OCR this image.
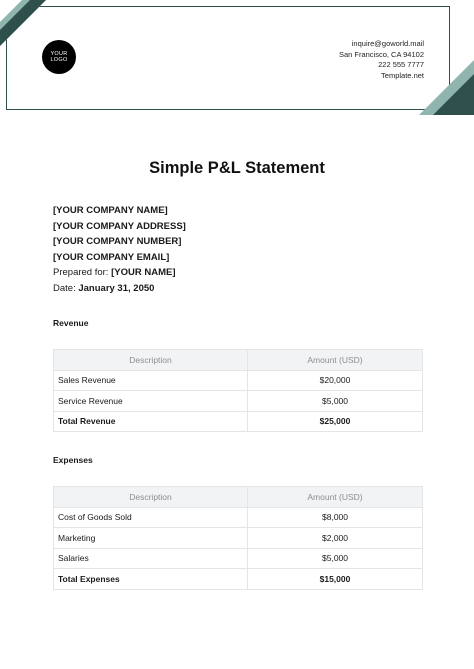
YOUR
LOGO
inquire@goworld.mail
San Francisco, CA 94102
222 555 7777
Template.net
Simple P&L Statement
[YOUR COMPANY NAME]
[YOUR COMPANY ADDRESS]
[YOUR COMPANY NUMBER]
[YOUR COMPANY EMAIL]
Prepared for: [YOUR NAME]
Date: January 31, 2050
Revenue
Description	Amount (USD)
Sales Revenue	$20,000
Service Revenue	$5,000
Total Revenue	$25,000
Expenses
Description	Amount (USD)
Cost of Goods Sold	$8,000
Marketing	$2,000
Salaries	$5,000
Total Expenses	$15,000
